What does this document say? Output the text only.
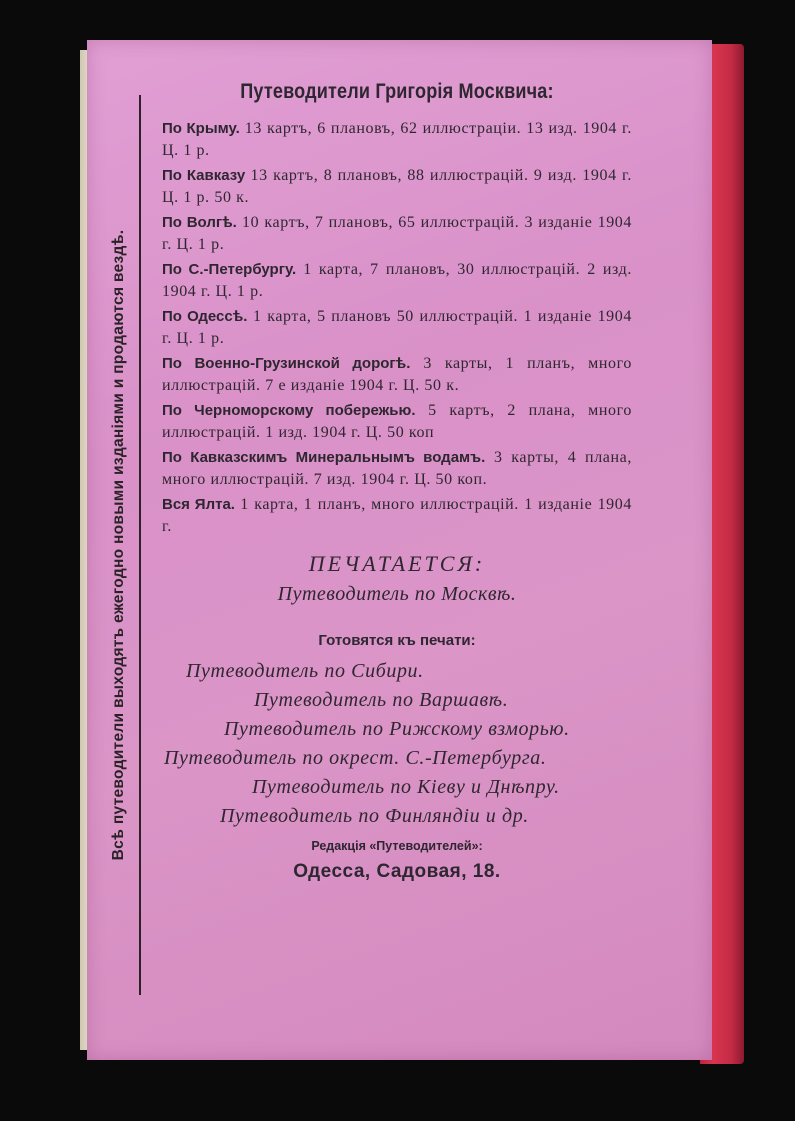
Всѣ путеводители выходятъ ежегодно новыми изданіями и продаются вездѣ.
Путеводители Григорія Москвича:

По Крыму. 13 картъ, 6 плановъ, 62 иллюстраціи. 13 изд. 1904 г. Ц. 1 р.

По Кавказу 13 картъ, 8 плановъ, 88 иллюстрацій. 9 изд. 1904 г. Ц. 1 р. 50 к.

По Волгѣ. 10 картъ, 7 плановъ, 65 иллюстрацій. 3 изданіе 1904 г. Ц. 1 р.

По С.-Петербургу. 1 карта, 7 плановъ, 30 иллюстрацій. 2 изд. 1904 г. Ц. 1 р.

По Одессѣ. 1 карта, 5 плановъ 50 иллюстрацій. 1 изданіе 1904 г. Ц. 1 р.

По Военно-Грузинской дорогѣ. 3 карты, 1 планъ, много иллюстрацій. 7 е изданіе 1904 г. Ц. 50 к.

По Черноморскому побережью. 5 картъ, 2 плана, много иллюстрацій. 1 изд. 1904 г. Ц. 50 коп

По Кавказскимъ Минеральнымъ водамъ. 3 карты, 4 плана, много иллюстрацій. 7 изд. 1904 г. Ц. 50 коп.

Вся Ялта. 1 карта, 1 планъ, много иллюстрацій. 1 изданіе 1904 г.

ПЕЧАТАЕТСЯ:
Путеводитель по Москвѣ.
Готовятся къ печати:
Путеводитель по Сибири.
Путеводитель по Варшавѣ.
Путеводитель по Рижскому взморью.
Путеводитель по окрест. С.-Петербурга.
Путеводитель по Кіеву и Днѣпру.
Путеводитель по Финляндіи и др.
Редакція «Путеводителей»:
Одесса, Садовая, 18.
